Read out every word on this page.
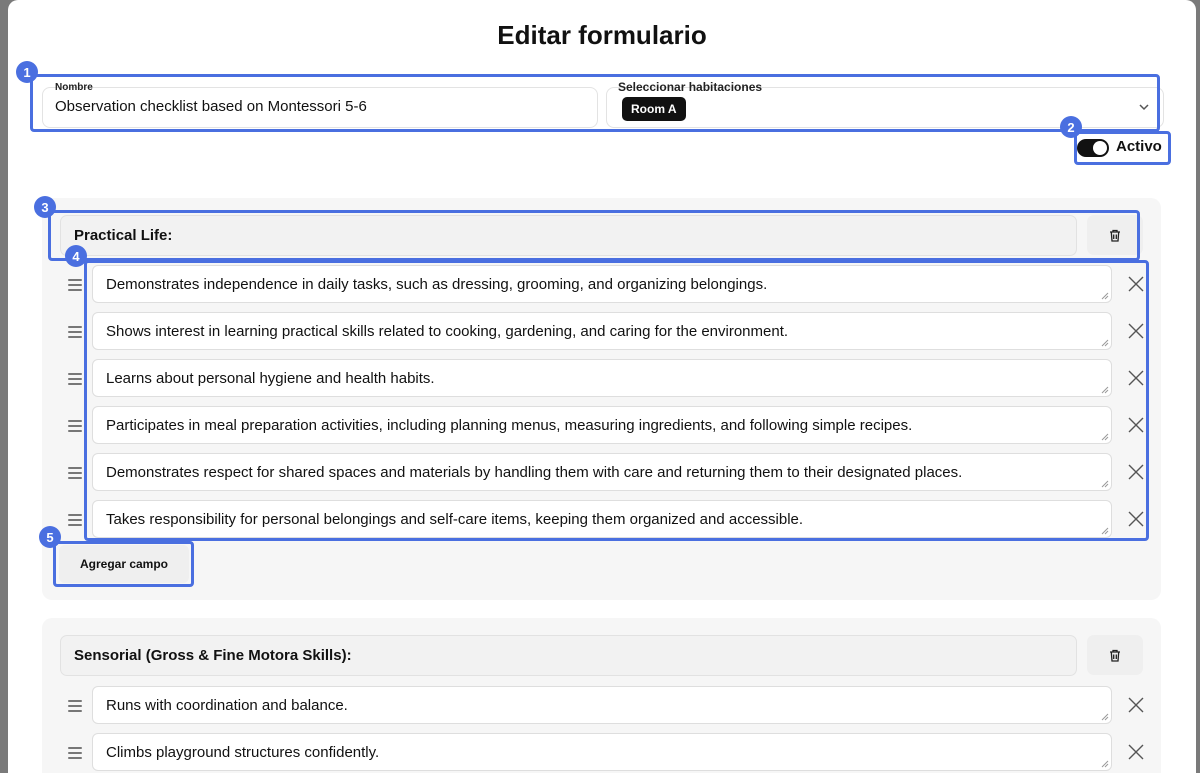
Editar formulario
Nombre
Observation checklist based on Montessori 5-6
Seleccionar habitaciones
Room A
Activo
Practical Life:
Demonstrates independence in daily tasks, such as dressing, grooming, and organizing belongings.
Shows interest in learning practical skills related to cooking, gardening, and caring for the environment.
Learns about personal hygiene and health habits.
Participates in meal preparation activities, including planning menus, measuring ingredients, and following simple recipes.
Demonstrates respect for shared spaces and materials by handling them with care and returning them to their designated places.
Takes responsibility for personal belongings and self-care items, keeping them organized and accessible.
Agregar campo
Sensorial (Gross & Fine Motora Skills):
Runs with coordination and balance.
Climbs playground structures confidently.
1
2
3
4
5
